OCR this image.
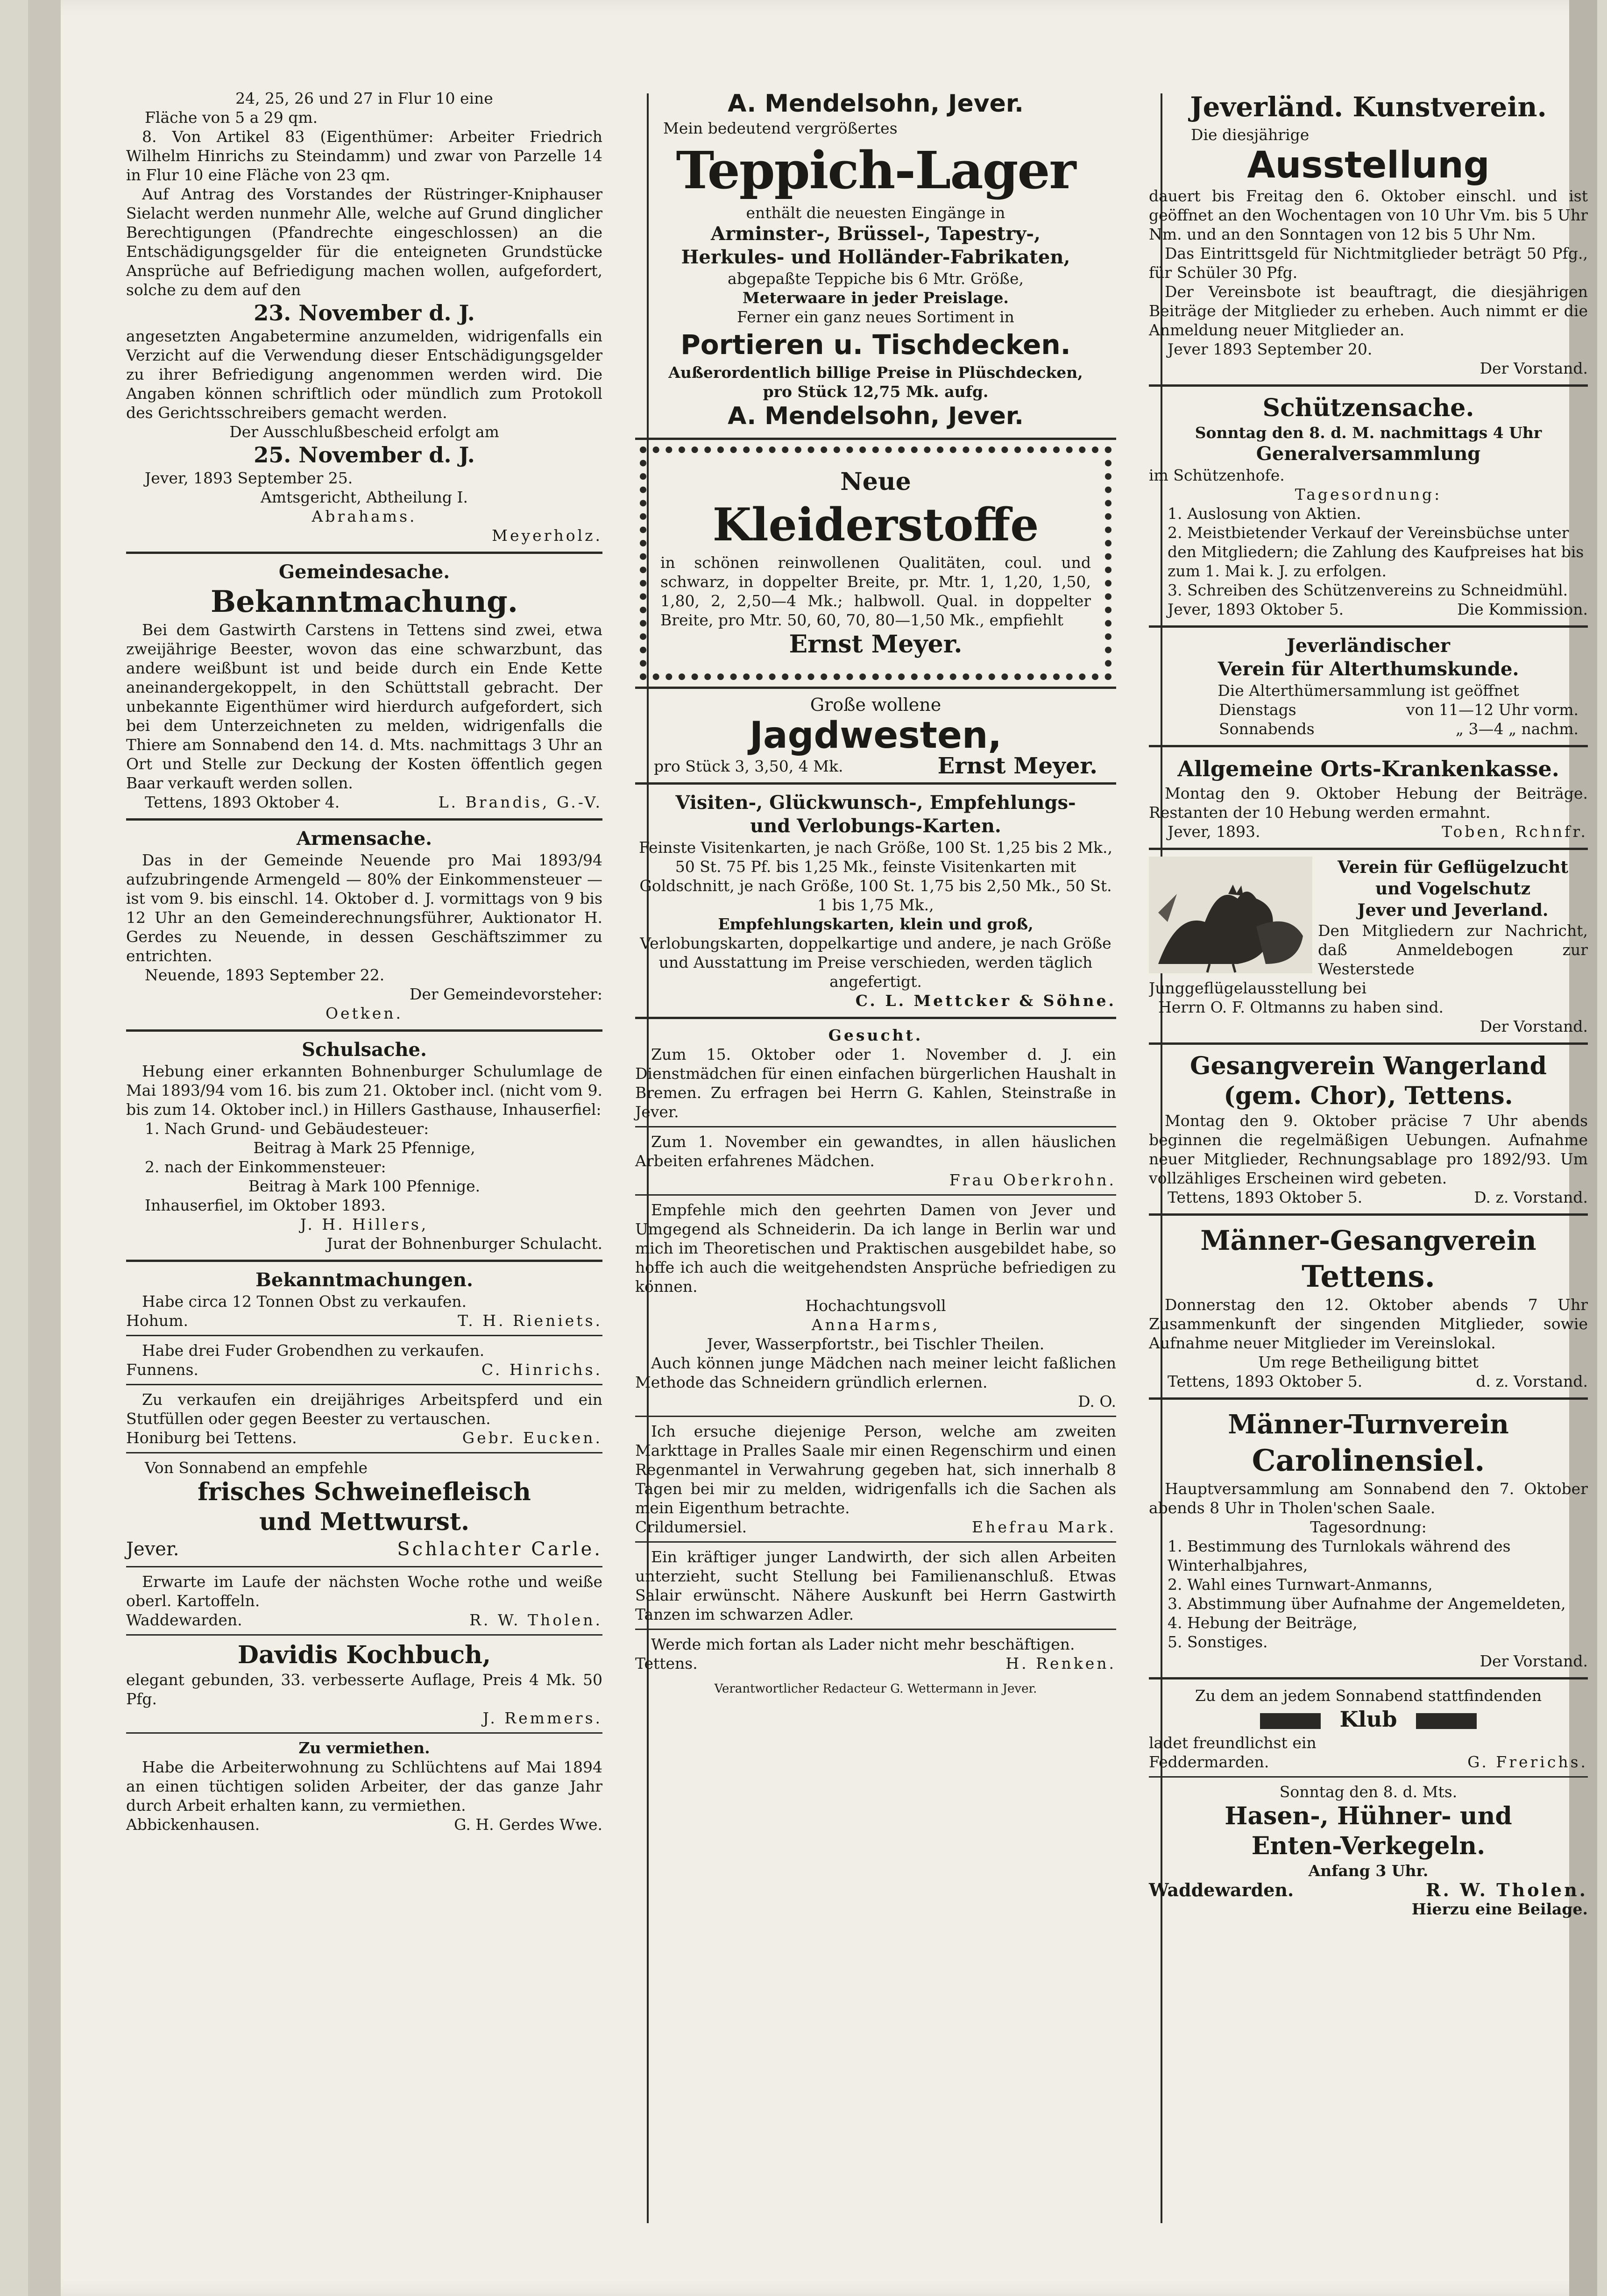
24, 25, 26 und 27 in Flur 10 eine

Fläche von 5 a 29 qm.

8. Von Artikel 83 (Eigenthümer: Arbeiter Friedrich Wilhelm Hinrichs zu Steindamm) und zwar von Parzelle 14 in Flur 10 eine Fläche von 23 qm.

Auf Antrag des Vorstandes der Rüstringer-Kniphauser Sielacht werden nunmehr Alle, welche auf Grund dinglicher Berechtigungen (Pfandrechte eingeschlossen) an die Entschädigungsgelder für die enteigneten Grundstücke Ansprüche auf Befriedigung machen wollen, aufgefordert, solche zu dem auf den

23. November d. J.

angesetzten Angabetermine anzumelden, widrigenfalls ein Verzicht auf die Verwendung dieser Entschädigungsgelder zu ihrer Befriedigung angenommen werden wird. Die Angaben können schriftlich oder mündlich zum Protokoll des Gerichtsschreibers gemacht werden.

Der Ausschlußbescheid erfolgt am

25. November d. J.

Jever, 1893 September 25.

Amtsgericht, Abtheilung I.

Abrahams.

Meyerholz.

Gemeindesache.

Bekanntmachung.

Bei dem Gastwirth Carstens in Tettens sind zwei, etwa zweijährige Beester, wovon das eine schwarzbunt, das andere weißbunt ist und beide durch ein Ende Kette aneinandergekoppelt, in den Schüttstall gebracht. Der unbekannte Eigenthümer wird hierdurch aufgefordert, sich bei dem Unterzeichneten zu melden, widrigenfalls die Thiere am Sonnabend den 14. d. Mts. nachmittags 3 Uhr an Ort und Stelle zur Deckung der Kosten öffentlich gegen Baar verkauft werden sollen.

Tettens, 1893 Oktober 4.	L. Brandis, G.-V.

Armensache.

Das in der Gemeinde Neuende pro Mai 1893/94 aufzubringende Armengeld — 80% der Einkommensteuer — ist vom 9. bis einschl. 14. Oktober d. J. vormittags von 9 bis 12 Uhr an den Gemeinderechnungsführer, Auktionator H. Gerdes zu Neuende, in dessen Geschäftszimmer zu entrichten.

Neuende, 1893 September 22.

Der Gemeindevorsteher:

Oetken.

Schulsache.

Hebung einer erkannten Bohnenburger Schulumlage de Mai 1893/94 vom 16. bis zum 21. Oktober incl. (nicht vom 9. bis zum 14. Oktober incl.) in Hillers Gasthause, Inhauserfiel:

1. Nach Grund- und Gebäudesteuer:

Beitrag à Mark 25 Pfennige,

2. nach der Einkommensteuer:

Beitrag à Mark 100 Pfennige.

Inhauserfiel, im Oktober 1893.

J. H. Hillers,

Jurat der Bohnenburger Schulacht.

Bekanntmachungen.

Habe circa 12 Tonnen Obst zu verkaufen.

Hohum.	T. H. Rieniets.

Habe drei Fuder Grobendhen zu verkaufen.

Funnens.	C. Hinrichs.

Zu verkaufen ein dreijähriges Arbeitspferd und ein Stutfüllen oder gegen Beester zu vertauschen.

Honiburg bei Tettens.	Gebr. Eucken.

Von Sonnabend an empfehle

frisches Schweinefleisch

und Mettwurst.

Jever.	Schlachter Carle.

Erwarte im Laufe der nächsten Woche rothe und weiße oberl. Kartoffeln.

Waddewarden.	R. W. Tholen.

Davidis Kochbuch,

elegant gebunden, 33. verbesserte Auflage, Preis 4 Mk. 50 Pfg.

J. Remmers.

Zu vermiethen.

Habe die Arbeiterwohnung zu Schlüchtens auf Mai 1894 an einen tüchtigen soliden Arbeiter, der das ganze Jahr durch Arbeit erhalten kann, zu vermiethen.

Abbickenhausen.	G. H. Gerdes Wwe.

A. Mendelsohn, Jever.

Mein bedeutend vergrößertes

Teppich-Lager

enthält die neuesten Eingänge in

Arminster-, Brüssel-, Tapestry-,

Herkules- und Holländer-Fabrikaten,

abgepaßte Teppiche bis 6 Mtr. Größe,

Meterwaare in jeder Preislage.

Ferner ein ganz neues Sortiment in

Portieren u. Tischdecken.

Außerordentlich billige Preise in Plüschdecken,

pro Stück 12,75 Mk. aufg.

A. Mendelsohn, Jever.

Neue

Kleiderstoffe

in schönen reinwollenen Qualitäten, coul. und schwarz, in doppelter Breite, pr. Mtr. 1, 1,20, 1,50, 1,80, 2, 2,50—4 Mk.; halbwoll. Qual. in doppelter Breite, pro Mtr. 50, 60, 70, 80—1,50 Mk., empfiehlt

Ernst Meyer.

Große wollene

Jagdwesten,

pro Stück 3, 3,50, 4 Mk.	Ernst Meyer.

Visiten-, Glückwunsch-, Empfehlungs-

und Verlobungs-Karten.

Feinste Visitenkarten, je nach Größe, 100 St. 1,25 bis 2 Mk., 50 St. 75 Pf. bis 1,25 Mk., feinste Visitenkarten mit Goldschnitt, je nach Größe, 100 St. 1,75 bis 2,50 Mk., 50 St. 1 bis 1,75 Mk.,

Empfehlungskarten, klein und groß,

Verlobungskarten, doppelkartige und andere, je nach Größe und Ausstattung im Preise verschieden, werden täglich angefertigt.

C. L. Mettcker & Söhne.

Gesucht.

Zum 15. Oktober oder 1. November d. J. ein Dienstmädchen für einen einfachen bürgerlichen Haushalt in Bremen. Zu erfragen bei Herrn G. Kahlen, Steinstraße in Jever.

Zum 1. November ein gewandtes, in allen häuslichen Arbeiten erfahrenes Mädchen.

Frau Oberkrohn.

Empfehle mich den geehrten Damen von Jever und Umgegend als Schneiderin. Da ich lange in Berlin war und mich im Theoretischen und Praktischen ausgebildet habe, so hoffe ich auch die weitgehendsten Ansprüche befriedigen zu können.

Hochachtungsvoll

Anna Harms,

Jever, Wasserpfortstr., bei Tischler Theilen.

Auch können junge Mädchen nach meiner leicht faßlichen Methode das Schneidern gründlich erlernen.

D. O.

Ich ersuche diejenige Person, welche am zweiten Markttage in Pralles Saale mir einen Regenschirm und einen Regenmantel in Verwahrung gegeben hat, sich innerhalb 8 Tagen bei mir zu melden, widrigenfalls ich die Sachen als mein Eigenthum betrachte.

Crildumersiel.	Ehefrau Mark.

Ein kräftiger junger Landwirth, der sich allen Arbeiten unterzieht, sucht Stellung bei Familienanschluß. Etwas Salair erwünscht. Nähere Auskunft bei Herrn Gastwirth Tanzen im schwarzen Adler.

Werde mich fortan als Lader nicht mehr beschäftigen.

Tettens.	H. Renken.

Verantwortlicher Redacteur G. Wettermann in Jever.

Jeverländ. Kunstverein.

Die diesjährige

Ausstellung

dauert bis Freitag den 6. Oktober einschl. und ist geöffnet an den Wochentagen von 10 Uhr Vm. bis 5 Uhr Nm. und an den Sonntagen von 12 bis 5 Uhr Nm.

Das Eintrittsgeld für Nichtmitglieder beträgt 50 Pfg., für Schüler 30 Pfg.

Der Vereinsbote ist beauftragt, die diesjährigen Beiträge der Mitglieder zu erheben. Auch nimmt er die Anmeldung neuer Mitglieder an.

Jever 1893 September 20.

Der Vorstand.

Schützensache.

Sonntag den 8. d. M. nachmittags 4 Uhr

Generalversammlung

im Schützenhofe.

Tagesordnung:

1. Auslosung von Aktien.

2. Meistbietender Verkauf der Vereinsbüchse unter den Mitgliedern; die Zahlung des Kaufpreises hat bis zum 1. Mai k. J. zu erfolgen.

3. Schreiben des Schützenvereins zu Schneidmühl.

Jever, 1893 Oktober 5.	Die Kommission.

Jeverländischer

Verein für Alterthumskunde.

Die Alterthümersammlung ist geöffnet

Dienstags	von 11—12 Uhr vorm.
Sonnabends	„ 3—4 „ nachm.

Allgemeine Orts-Krankenkasse.

Montag den 9. Oktober Hebung der Beiträge. Restanten der 10 Hebung werden ermahnt.

Jever, 1893.	Toben, Rchnfr.

Verein für Geflügelzucht

und Vogelschutz

Jever und Jeverland.

Den Mitgliedern zur Nachricht, daß Anmeldebogen zur Westerstede Junggeflügelausstellung bei

Herrn O. F. Oltmanns zu haben sind.

Der Vorstand.

Gesangverein Wangerland

(gem. Chor), Tettens.

Montag den 9. Oktober präcise 7 Uhr abends beginnen die regelmäßigen Uebungen. Aufnahme neuer Mitglieder, Rechnungsablage pro 1892/93. Um vollzähliges Erscheinen wird gebeten.

Tettens, 1893 Oktober 5.	D. z. Vorstand.

Männer-Gesangverein

Tettens.

Donnerstag den 12. Oktober abends 7 Uhr Zusammenkunft der singenden Mitglieder, sowie Aufnahme neuer Mitglieder im Vereinslokal.

Um rege Betheiligung bittet

Tettens, 1893 Oktober 5.	d. z. Vorstand.

Männer-Turnverein

Carolinensiel.

Hauptversammlung am Sonnabend den 7. Oktober abends 8 Uhr in Tholen'schen Saale.

Tagesordnung:

1. Bestimmung des Turnlokals während des Winterhalbjahres,

2. Wahl eines Turnwart-Anmanns,

3. Abstimmung über Aufnahme der Angemeldeten,

4. Hebung der Beiträge,

5. Sonstiges.

Der Vorstand.

Zu dem an jedem Sonnabend stattfindenden

Klub

ladet freundlichst ein

Feddermarden.	G. Frerichs.

Sonntag den 8. d. Mts.

Hasen-, Hühner- und

Enten-Verkegeln.

Anfang 3 Uhr.

Waddewarden.	R. W. Tholen.

Hierzu eine Beilage.
